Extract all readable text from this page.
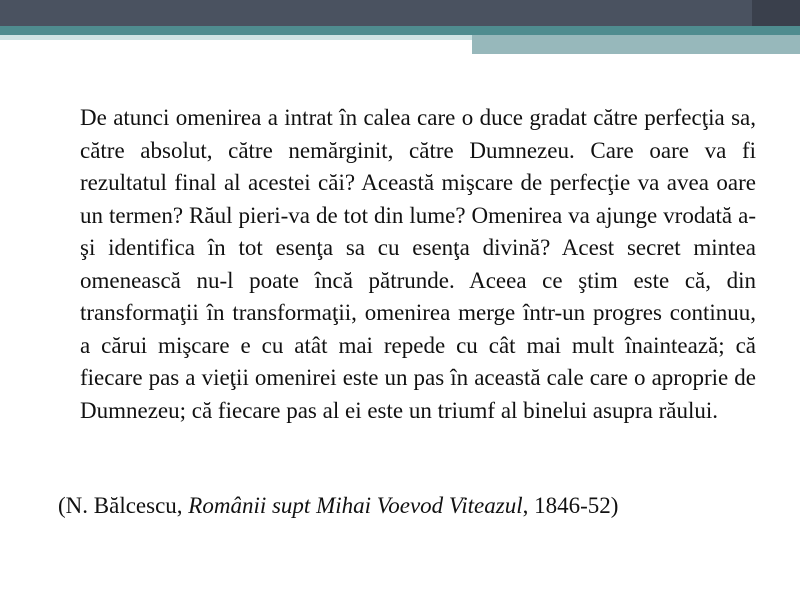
De atunci omenirea a intrat în calea care o duce gradat către perfecţia sa, către absolut, către nemărginit, către Dumnezeu. Care oare va fi rezultatul final al acestei căi? Această mişcare de perfecţie va avea oare un termen? Răul pieri-va de tot din lume? Omenirea va ajunge vrodată a-şi identifica în tot esenţa sa cu esenţa divină? Acest secret mintea omenească nu-l poate încă pătrunde. Aceea ce ştim este că, din transformaţii în transformaţii, omenirea merge într-un progres continuu, a cărui mişcare e cu atât mai repede cu cât mai mult înaintează; că fiecare pas a vieţii omenirei este un pas în această cale care o aproprie de Dumnezeu; că fiecare pas al ei este un triumf al binelui asupra răului.

(N. Bălcescu, Românii supt Mihai Voevod Viteazul, 1846-52)
